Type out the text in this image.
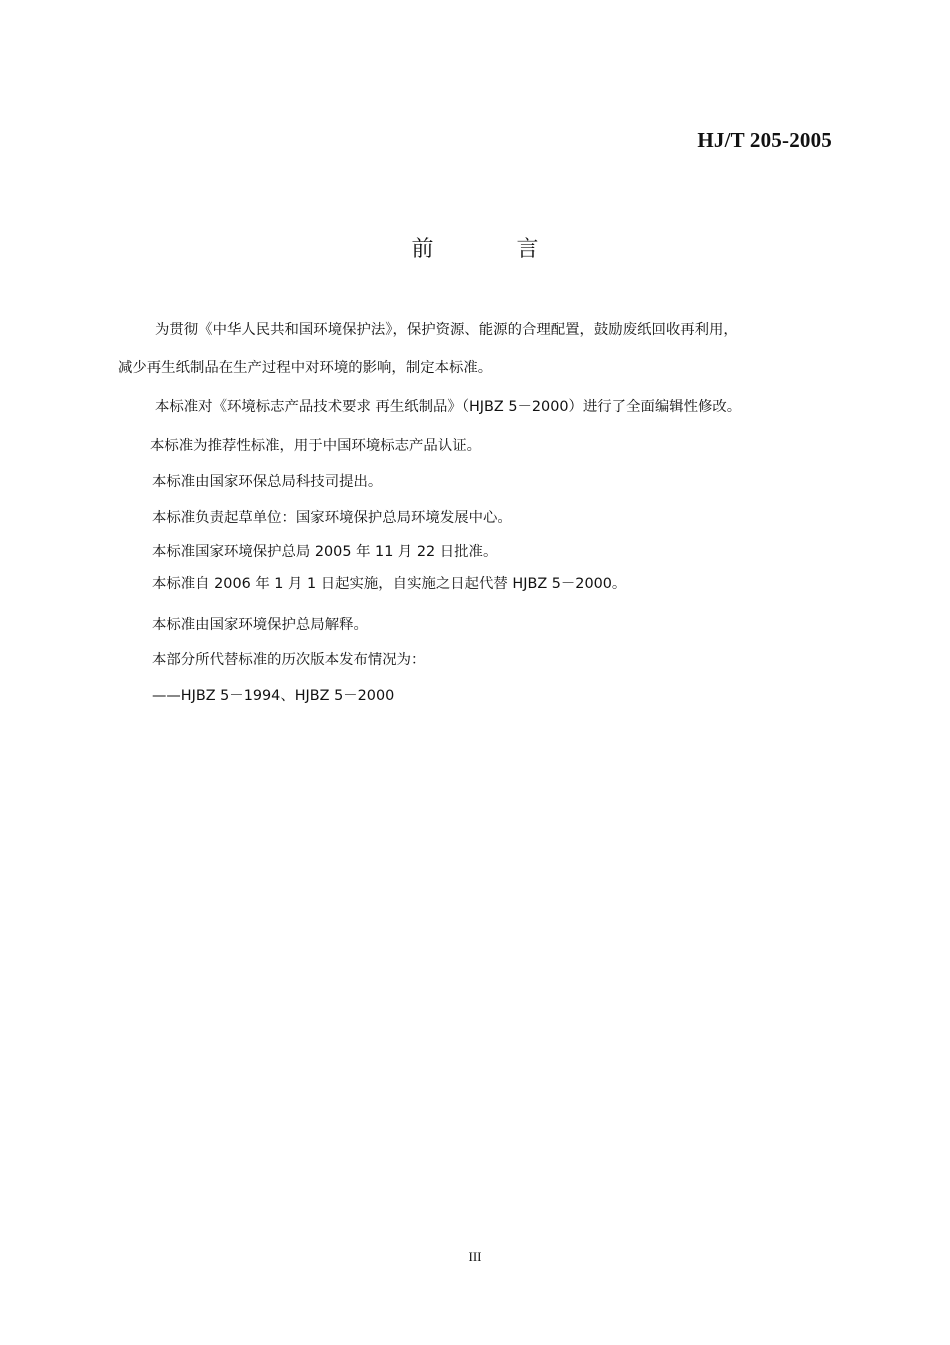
HJ/T 205-2005
前 言
为贯彻《中华人民共和国环境保护法》，保护资源、能源的合理配置，鼓励废纸回收再利用，
减少再生纸制品在生产过程中对环境的影响，制定本标准。
本标准对《环境标志产品技术要求 再生纸制品》（HJBZ 5－2000）进行了全面编辑性修改。
本标准为推荐性标准，用于中国环境标志产品认证。
本标准由国家环保总局科技司提出。
本标准负责起草单位：国家环境保护总局环境发展中心。
本标准国家环境保护总局 2005 年 11 月 22 日批准。
本标准自 2006 年 1 月 1 日起实施，自实施之日起代替 HJBZ 5－2000。
本标准由国家环境保护总局解释。
本部分所代替标准的历次版本发布情况为：
——HJBZ 5－1994、HJBZ 5－2000
III
